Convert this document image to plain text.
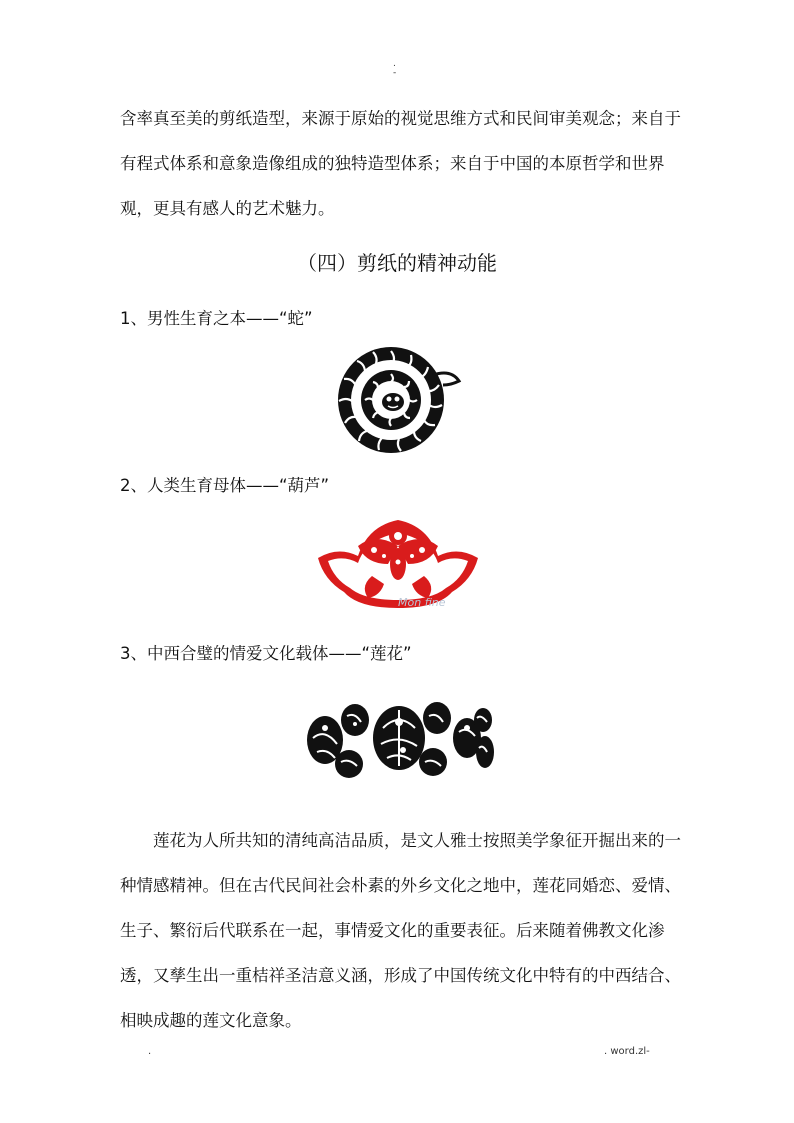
.
-

含率真至美的剪纸造型，来源于原始的视觉思维方式和民间审美观念；来自于有程式体系和意象造像组成的独特造型体系；来自于中国的本原哲学和世界观，更具有感人的艺术魅力。

（四）剪纸的精神动能
1、男性生育之本——“蛇”
2、人类生育母体——“葫芦”
Mon fine
3、中西合璧的情爱文化载体——“莲花”

莲花为人所共知的清纯高洁品质，是文人雅士按照美学象征开掘出来的一种情感精神。但在古代民间社会朴素的外乡文化之地中，莲花同婚恋、爱情、生子、繁衍后代联系在一起，事情爱文化的重要表征。后来随着佛教文化渗透，又孳生出一重桔祥圣洁意义涵，形成了中国传统文化中特有的中西结合、相映成趣的莲文化意象。

.	. word.zl-
